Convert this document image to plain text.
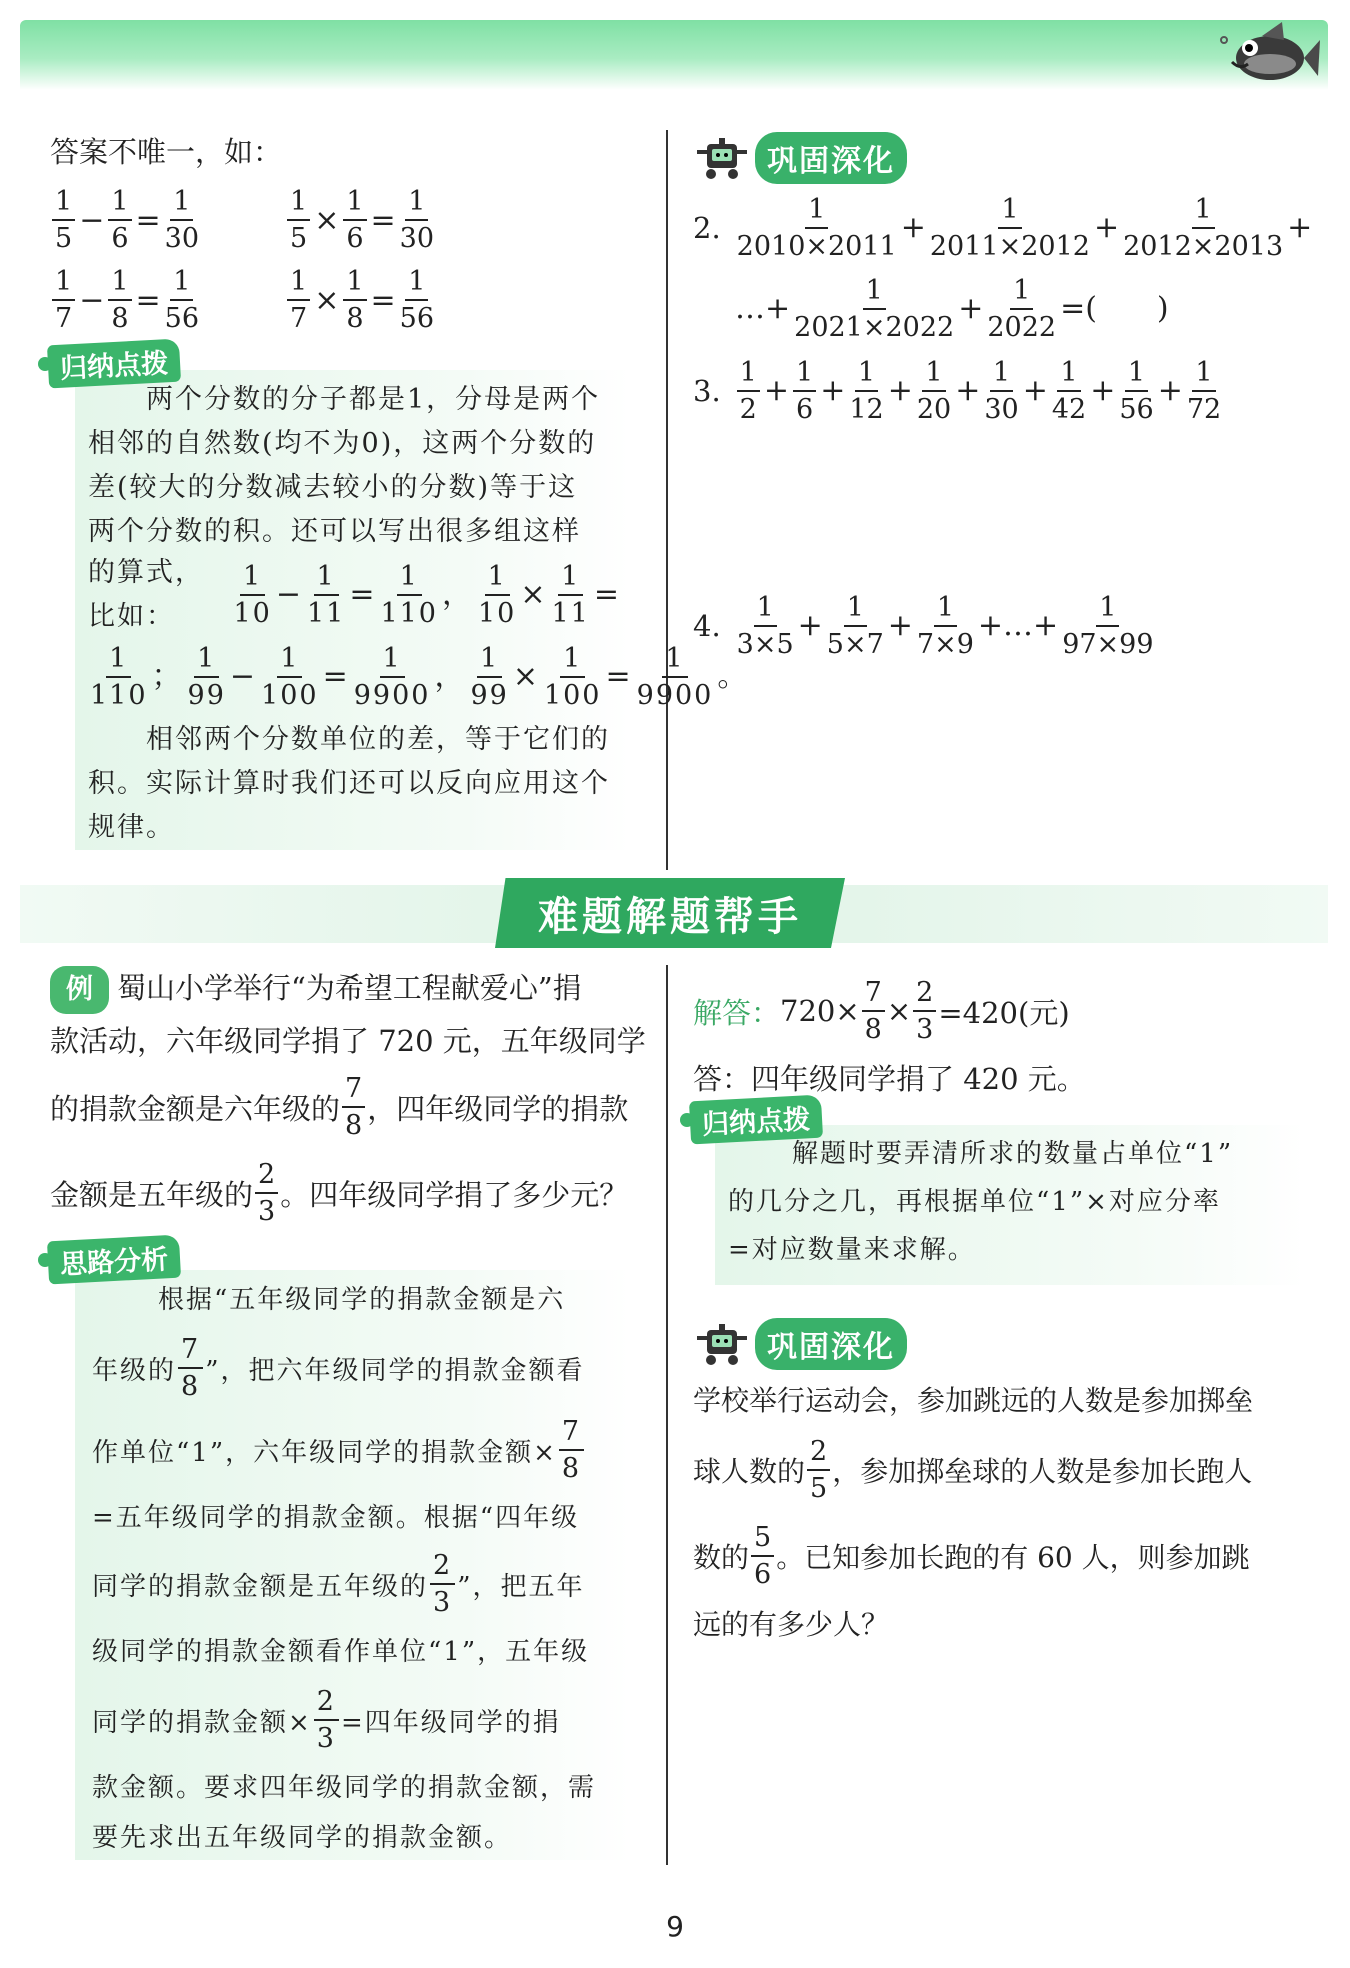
答案不唯一，如：
$\frac{1}{5} - \frac{1}{6} = \frac{1}{30}$	$\frac{1}{5} \times \frac{1}{6} = \frac{1}{30}$
$\frac{1}{7} - \frac{1}{8} = \frac{1}{56}$	$\frac{1}{7} \times \frac{1}{8} = \frac{1}{56}$
归纳点拨
两个分数的分子都是1，分母是两个
相邻的自然数(均不为0)，这两个分数的
差(较大的分数减去较小的分数)等于这
两个分数的积。还可以写出很多组这样
的算式，比如：	$\frac{1}{10} - \frac{1}{11} = \frac{1}{110}$ ， $\frac{1}{10} \times \frac{1}{11}$ =
$\frac{1}{110}$ ； $\frac{1}{99} - \frac{1}{100} = \frac{1}{9900}$ ， $\frac{1}{99} \times \frac{1}{100} = \frac{1}{9900}$ 。
相邻两个分数单位的差，等于它们的
积。实际计算时我们还可以反向应用这个
规律。
巩固深化
2. $\frac{1}{2010\times 2011} + \frac{1}{2011\times 2012} + \frac{1}{2012\times 2013}$ +
…+ $\frac{1}{2021\times 2022} + \frac{1}{2022}$ =(　　)
3. $\frac{1}{2} + \frac{1}{6} + \frac{1}{12} + \frac{1}{20} + \frac{1}{30} + \frac{1}{42} + \frac{1}{56} + \frac{1}{72}$
4. $\frac{1}{3\times 5} + \frac{1}{5\times 7} + \frac{1}{7\times 9}$ +…+ $\frac{1}{97\times 99}$
难题解题帮手
例 蜀山小学举行“为希望工程献爱心”捐
款活动，六年级同学捐了 720 元，五年级同学
的捐款金额是六年级的 $\frac{7}{8}$ ，四年级同学的捐款
金额是五年级的 $\frac{2}{3}$ 。四年级同学捐了多少元？
思路分析
根据“五年级同学的捐款金额是六
年级的 $\frac{7}{8}$ ”，把六年级同学的捐款金额看
作单位“1”，六年级同学的捐款金额× $\frac{7}{8}$
=五年级同学的捐款金额。根据“四年级
同学的捐款金额是五年级的 $\frac{2}{3}$ ”，把五年
级同学的捐款金额看作单位“1”，五年级
同学的捐款金额× $\frac{2}{3}$ =四年级同学的捐
款金额。要求四年级同学的捐款金额，需
要先求出五年级同学的捐款金额。
解答： $720\times \frac{7}{8} \times \frac{2}{3} =420$(元)
答：四年级同学捐了 420 元。
归纳点拨
解题时要弄清所求的数量占单位“1”
的几分之几，再根据单位“1”×对应分率
=对应数量来求解。
巩固深化
学校举行运动会，参加跳远的人数是参加掷垒
球人数的 $\frac{2}{5}$ ，参加掷垒球的人数是参加长跑人
数的 $\frac{5}{6}$ 。已知参加长跑的有 60 人，则参加跳
远的有多少人？
9
